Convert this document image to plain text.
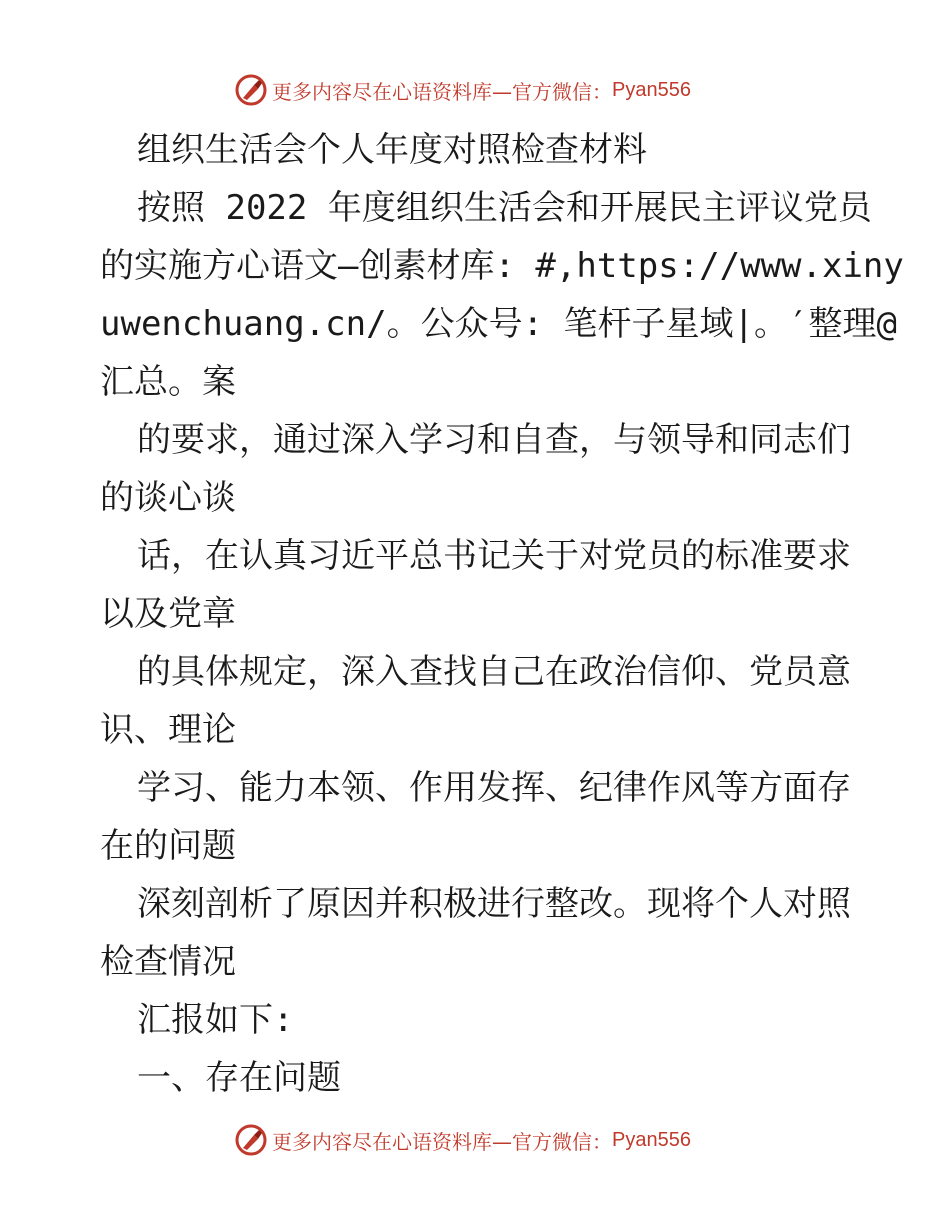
更多内容尽在心语资料库—官方微信： Pyan556

组织生活会个人年度对照检查材料

按照 2022 年度组织生活会和开展民主评议党员

的实施方心语文—创素材库: #,https://www.xiny

uwenchuang.cn/。公众号: 笔杆子星域|。′整理@

汇总。案

的要求，通过深入学习和自查，与领导和同志们

的谈心谈

话，在认真习近平总书记关于对党员的标准要求

以及党章

的具体规定，深入查找自己在政治信仰、党员意

识、理论

学习、能力本领、作用发挥、纪律作风等方面存

在的问题

深刻剖析了原因并积极进行整改。现将个人对照

检查情况

汇报如下:

一、存在问题

更多内容尽在心语资料库—官方微信： Pyan556
